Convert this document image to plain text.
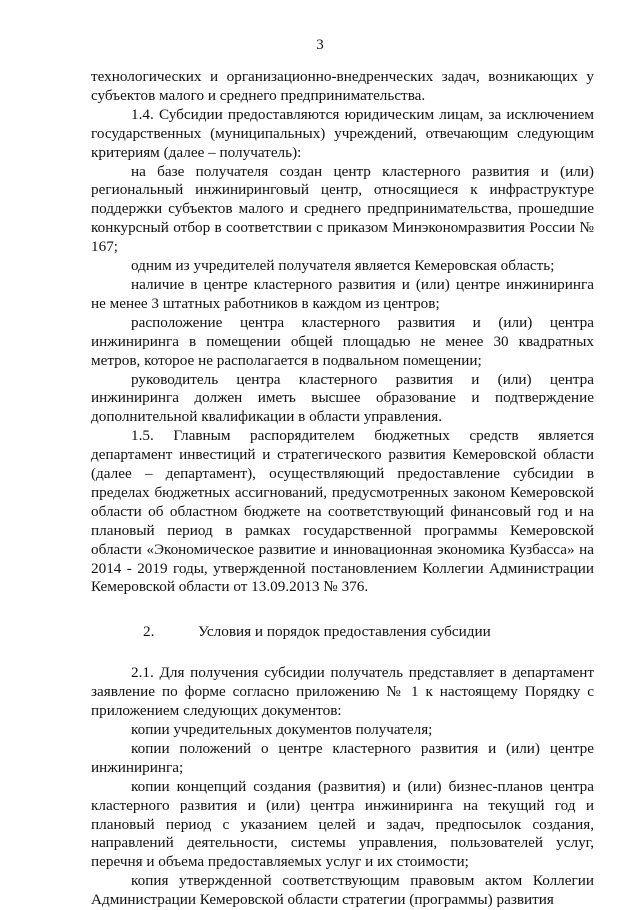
3

технологических и организационно-внедренческих задач, возникающих у субъектов малого и среднего предпринимательства.

1.4. Субсидии предоставляются юридическим лицам, за исключением государственных (муниципальных) учреждений, отвечающим следующим критериям (далее – получатель):

на базе получателя создан центр кластерного развития и (или) региональный инжиниринговый центр, относящиеся к инфраструктуре поддержки субъектов малого и среднего предпринимательства, прошедшие конкурсный отбор в соответствии с приказом Минэкономразвития России № 167;

одним из учредителей получателя является Кемеровская область;

наличие в центре кластерного развития и (или) центре инжиниринга не менее 3 штатных работников в каждом из центров;

расположение центра кластерного развития и (или) центра инжиниринга в помещении общей площадью не менее 30 квадратных метров, которое не располагается в подвальном помещении;

руководитель центра кластерного развития и (или) центра инжиниринга должен иметь высшее образование и подтверждение дополнительной квалификации в области управления.

1.5. Главным распорядителем бюджетных средств является департамент инвестиций и стратегического развития Кемеровской области (далее – департамент), осуществляющий предоставление субсидии в пределах бюджетных ассигнований, предусмотренных законом Кемеровской области об областном бюджете на соответствующий финансовый год и на плановый период в рамках государственной программы Кемеровской области «Экономическое развитие и инновационная экономика Кузбасса» на 2014 - 2019 годы, утвержденной постановлением Коллегии Администрации Кемеровской области от 13.09.2013 № 376.

2.	Условия и порядок предоставления субсидии

2.1. Для получения субсидии получатель представляет в департамент заявление по форме согласно приложению № 1 к настоящему Порядку с приложением следующих документов:

копии учредительных документов получателя;

копии положений о центре кластерного развития и (или) центре инжиниринга;

копии концепций создания (развития) и (или) бизнес-планов центра кластерного развития и (или) центра инжиниринга на текущий год и плановый период с указанием целей и задач, предпосылок создания, направлений деятельности, системы управления, пользователей услуг, перечня и объема предоставляемых услуг и их стоимости;

копия утвержденной соответствующим правовым актом Коллегии Администрации Кемеровской области стратегии (программы) развития
